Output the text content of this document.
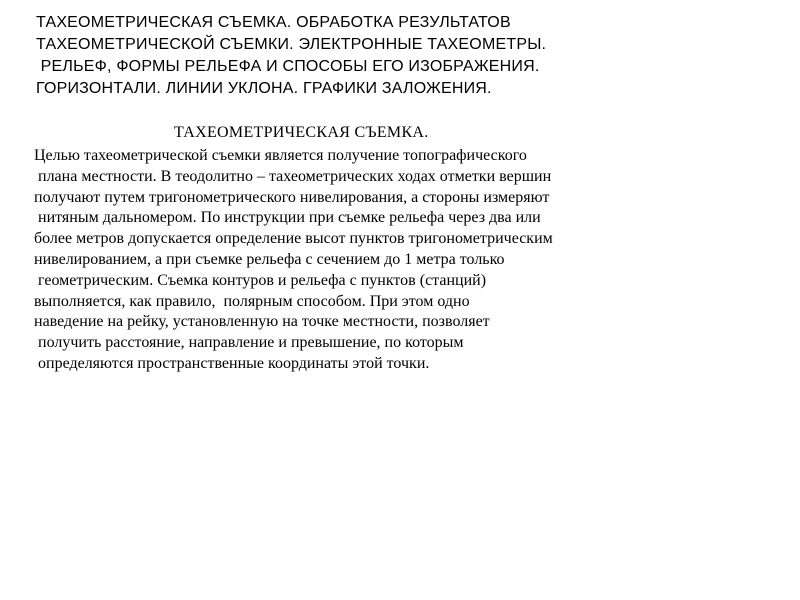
ТАХЕОМЕТРИЧЕСКАЯ СЪЕМКА. ОБРАБОТКА РЕЗУЛЬТАТОВ

ТАХЕОМЕТРИЧЕСКОЙ СЪЕМКИ. ЭЛЕКТРОННЫЕ ТАХЕОМЕТРЫ.

РЕЛЬЕФ, ФОРМЫ РЕЛЬЕФА И СПОСОБЫ ЕГО ИЗОБРАЖЕНИЯ.

ГОРИЗОНТАЛИ. ЛИНИИ УКЛОНА. ГРАФИКИ ЗАЛОЖЕНИЯ.

ТАХЕОМЕТРИЧЕСКАЯ СЪЕМКА.

Целью тахеометрической съемки является получение топографического

плана местности. В теодолитно – тахеометрических ходах отметки вершин

получают путем тригонометрического нивелирования, а стороны измеряют

нитяным дальномером. По инструкции при съемке рельефа через два или

более метров допускается определение высот пунктов тригонометрическим

нивелированием, а при съемке рельефа с сечением до 1 метра только

геометрическим. Съемка контуров и рельефа с пунктов (станций)

выполняется, как правило,  полярным способом. При этом одно

наведение на рейку, установленную на точке местности, позволяет

получить расстояние, направление и превышение, по которым

определяются пространственные координаты этой точки.
